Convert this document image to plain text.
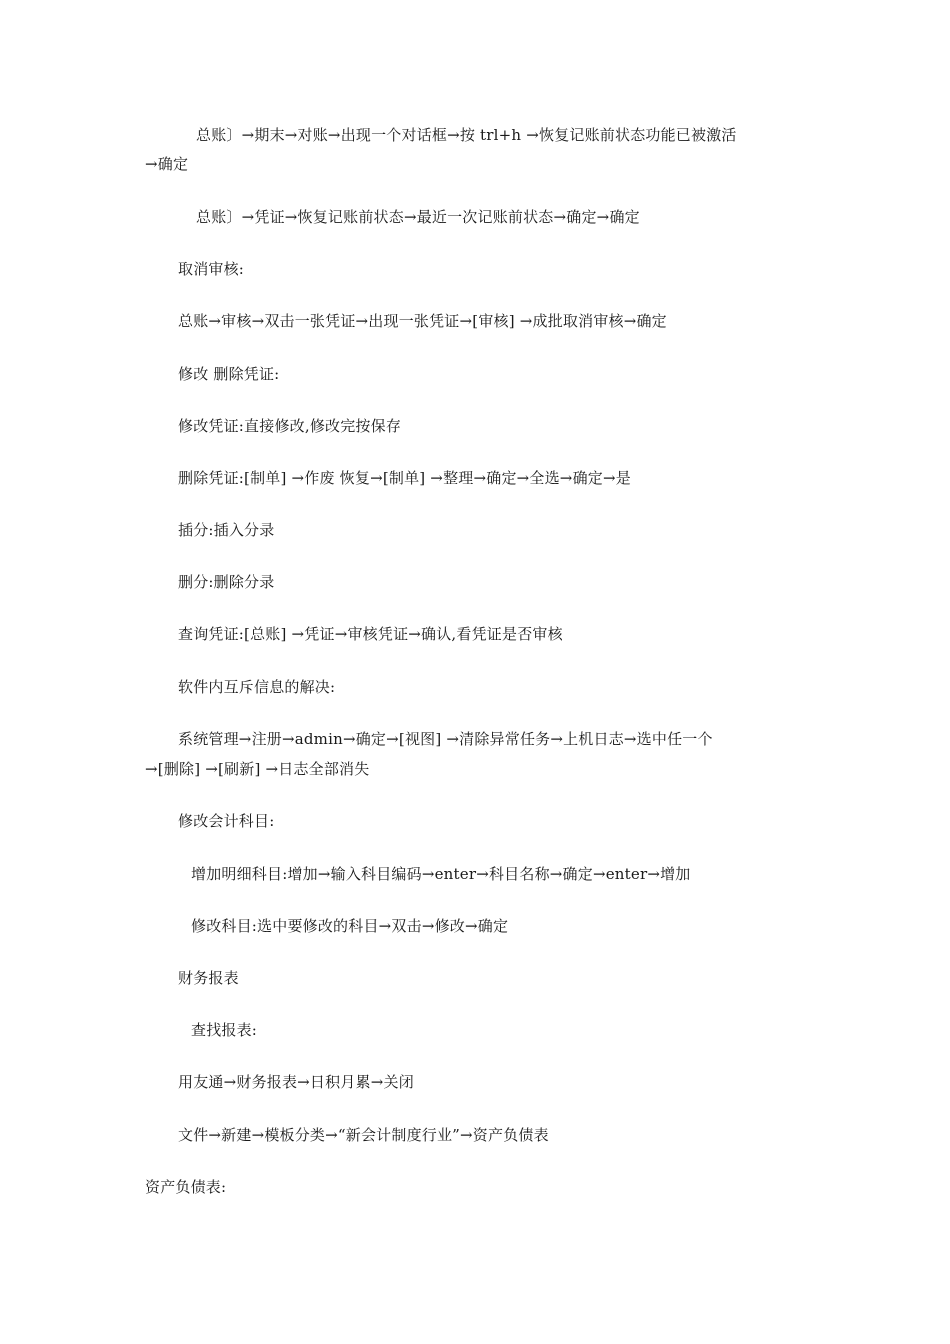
总账〕→期末→对账→出现一个对话框→按 trl+h →恢复记账前状态功能已被激活
→确定
总账〕→凭证→恢复记账前状态→最近一次记账前状态→确定→确定
取消审核:
总账→审核→双击一张凭证→出现一张凭证→[审核] →成批取消审核→确定
修改 删除凭证:
修改凭证:直接修改,修改完按保存
删除凭证:[制单] →作废 恢复→[制单] →整理→确定→全选→确定→是
插分:插入分录
删分:删除分录
查询凭证:[总账] →凭证→审核凭证→确认,看凭证是否审核
软件内互斥信息的解决:
系统管理→注册→admin→确定→[视图] →清除异常任务→上机日志→选中任一个
→[删除] →[刷新] →日志全部消失
修改会计科目:
增加明细科目:增加→输入科目编码→enter→科目名称→确定→enter→增加
修改科目:选中要修改的科目→双击→修改→确定
财务报表
查找报表:
用友通→财务报表→日积月累→关闭
文件→新建→模板分类→“新会计制度行业”→资产负债表
资产负债表:
